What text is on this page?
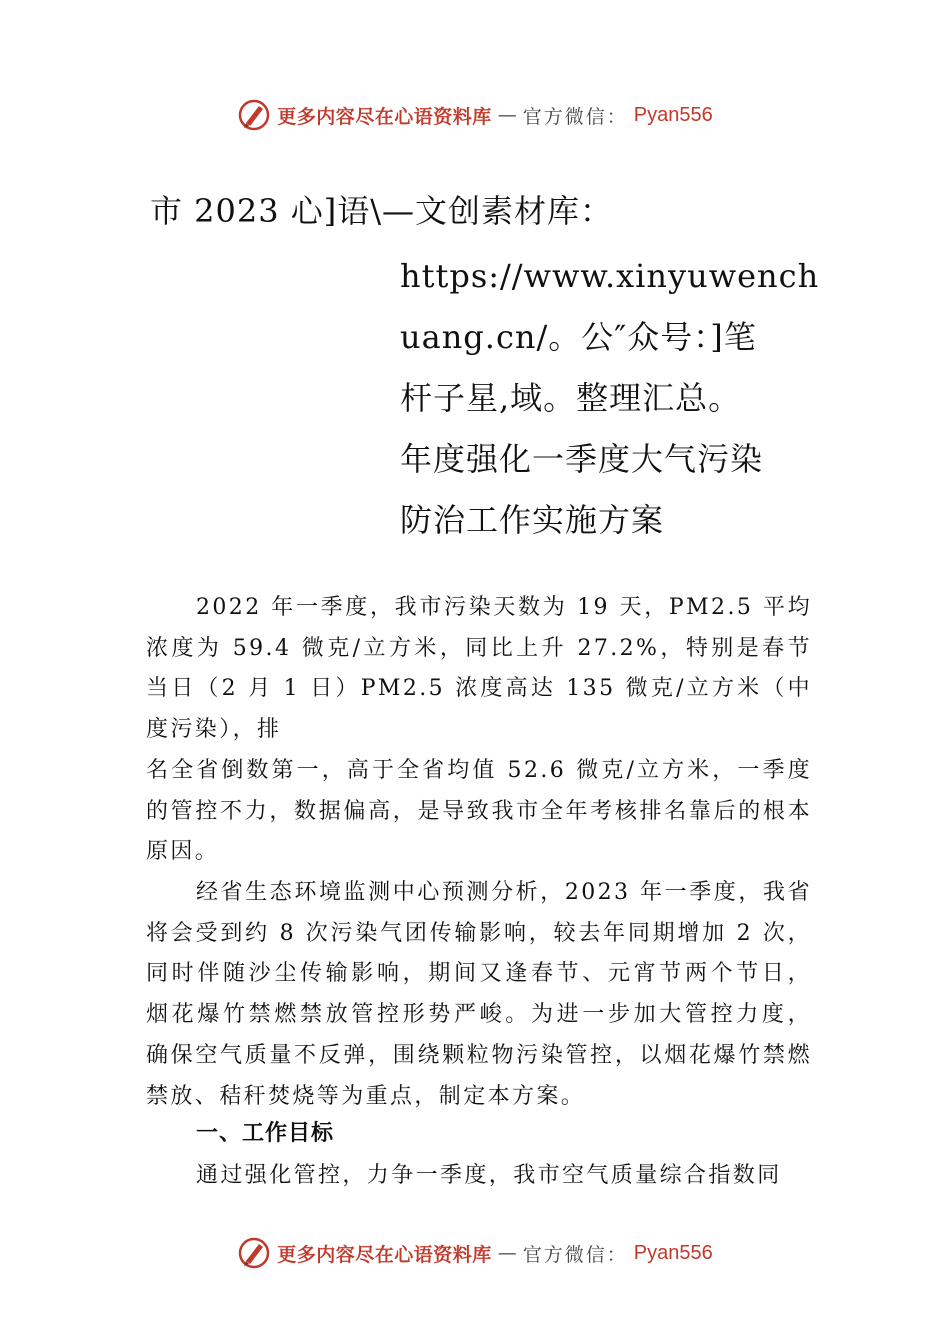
更多内容尽在心语资料库 — 官方微信： Pyan556
市 2023 心]语\—文创素材库：
https://www.xinyuwench
uang.cn/。公″众号：]笔
杆子星,域。整理汇总。
年度强化一季度大气污染
防治工作实施方案
2022 年一季度，我市污染天数为 19 天，PM2.5 平均浓度为 59.4 微克/立方米，同比上升 27.2%，特别是春节当日（2 月 1 日）PM2.5 浓度高达 135 微克/立方米（中度污染），排
名全省倒数第一，高于全省均值 52.6 微克/立方米，一季度的管控不力，数据偏高，是导致我市全年考核排名靠后的根本原因。
经省生态环境监测中心预测分析，2023 年一季度，我省将会受到约 8 次污染气团传输影响，较去年同期增加 2 次，同时伴随沙尘传输影响，期间又逢春节、元宵节两个节日， 烟花爆竹禁燃禁放管控形势严峻。为进一步加大管控力度， 确保空气质量不反弹，围绕颗粒物污染管控，以烟花爆竹禁燃禁放、秸秆焚烧等为重点，制定本方案。
一、工作目标
通过强化管控，力争一季度，我市空气质量综合指数同
更多内容尽在心语资料库 — 官方微信： Pyan556
